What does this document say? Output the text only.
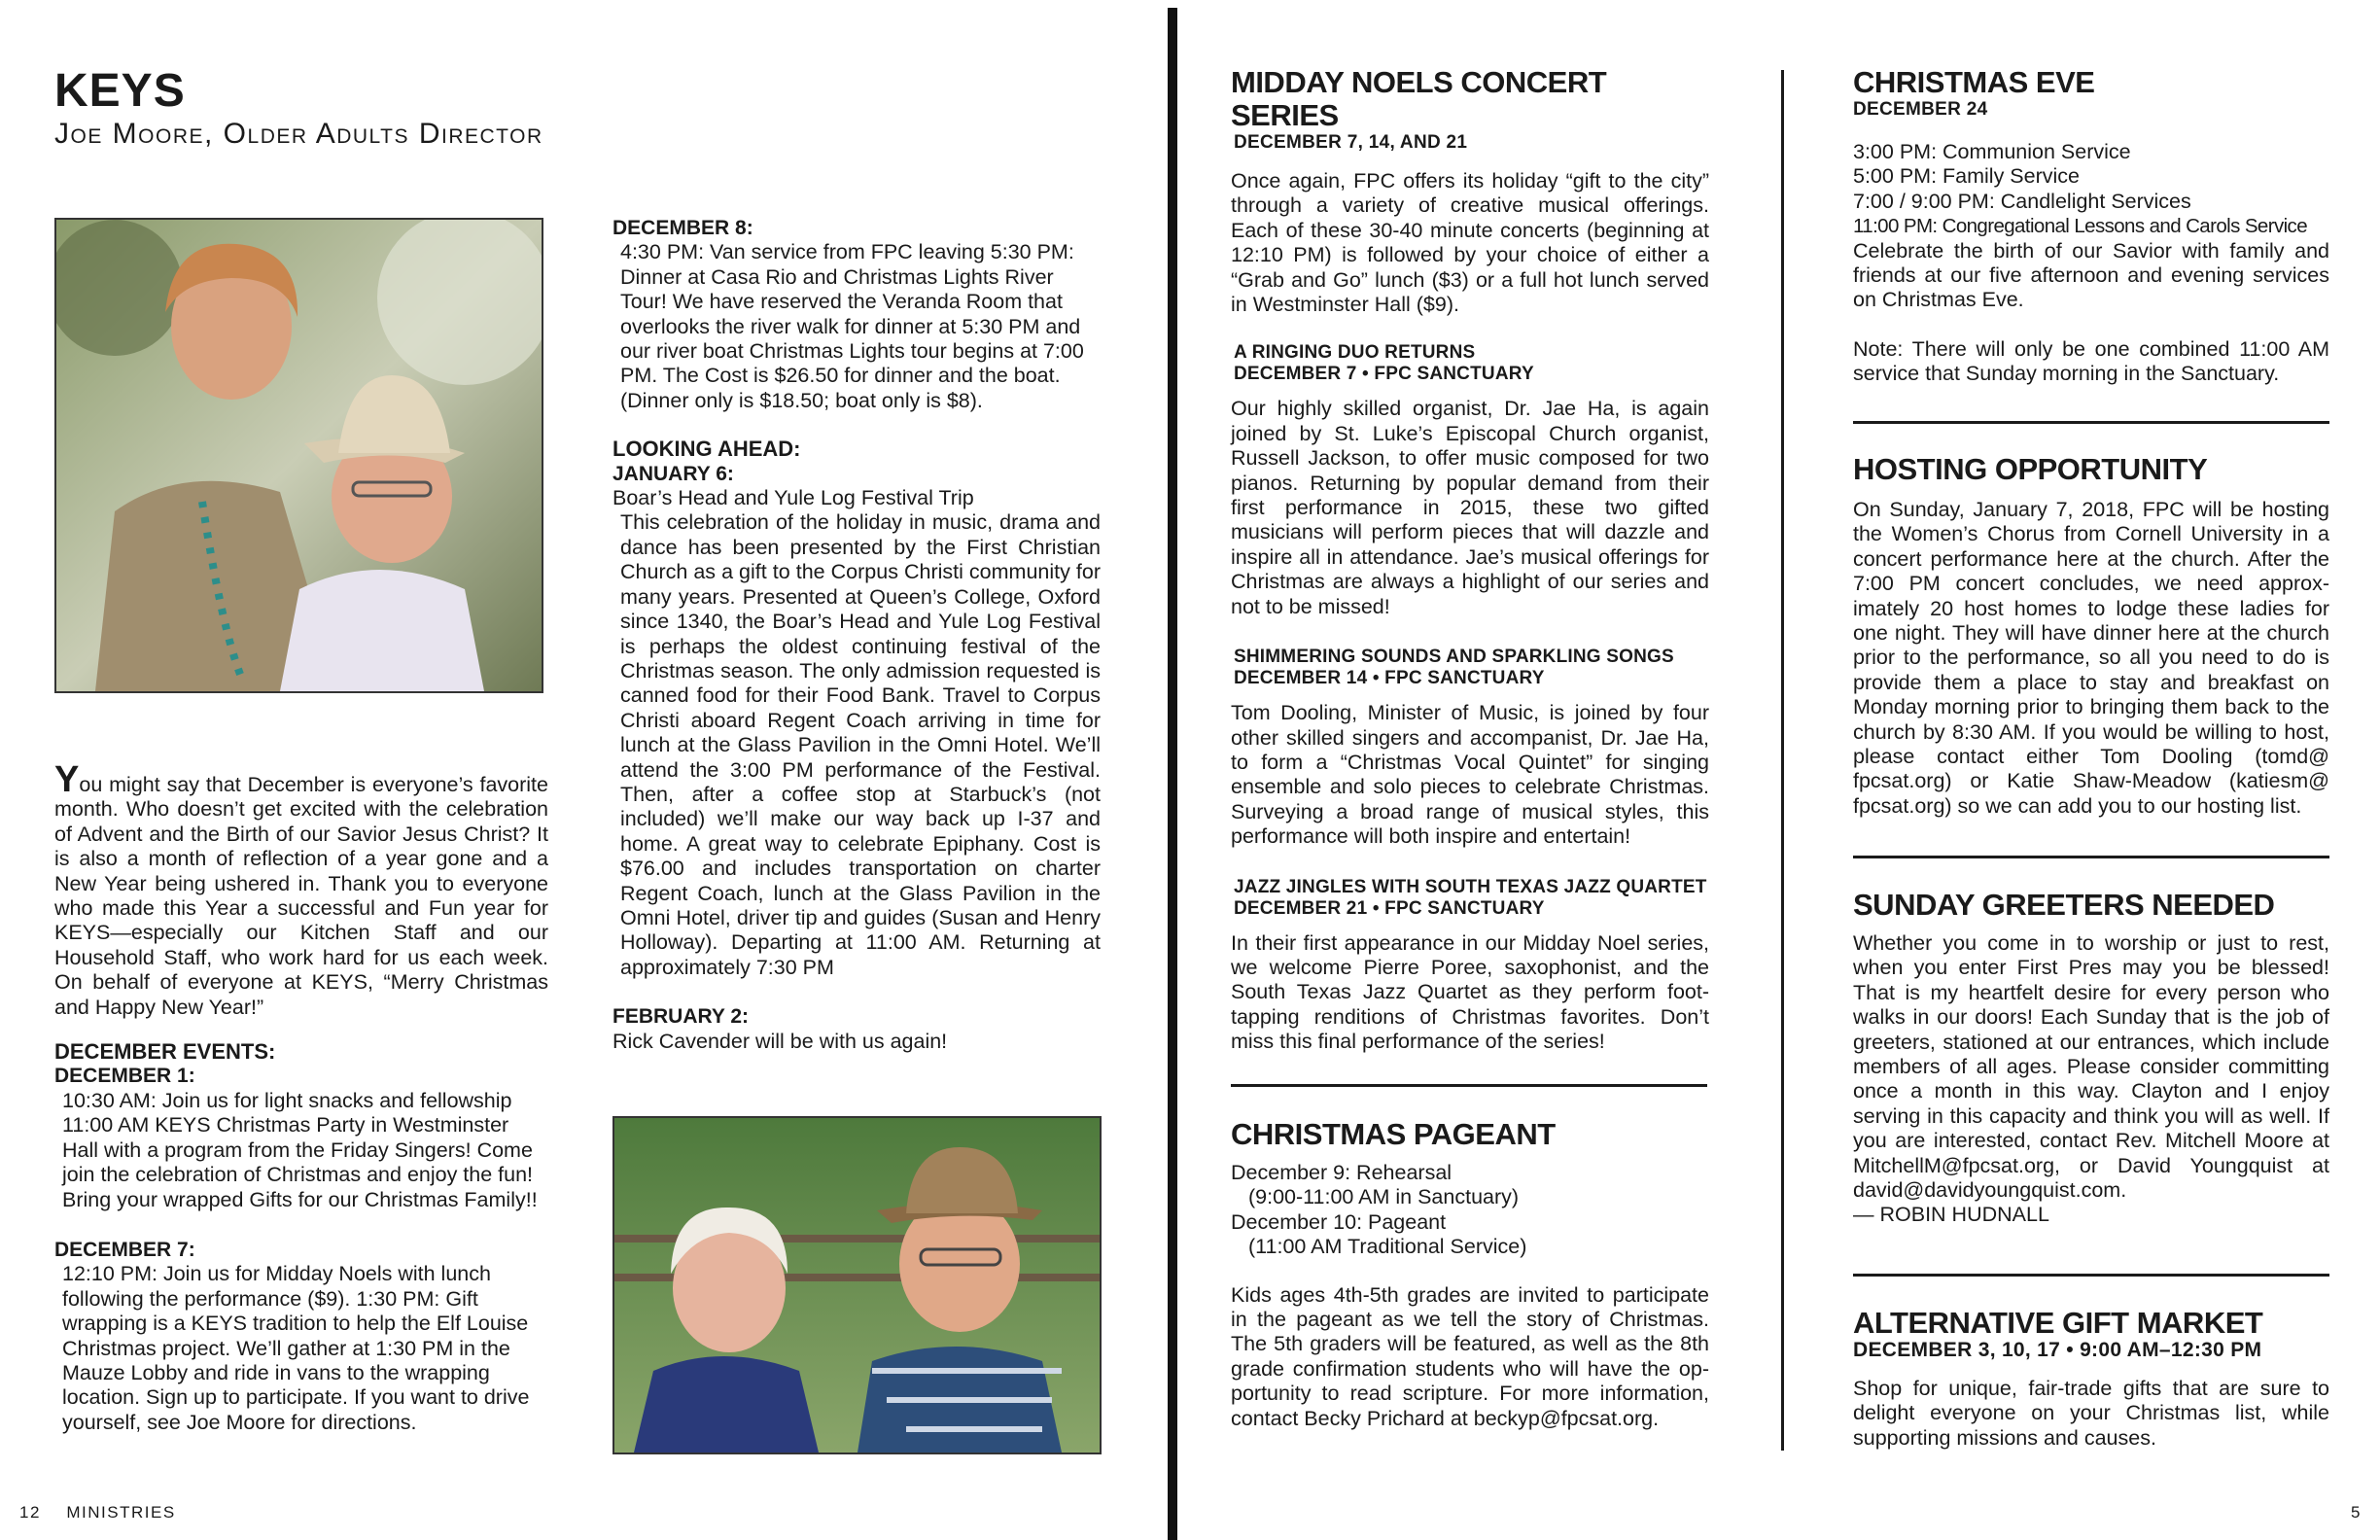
KEYS

Joe Moore, Older Adults Director

You might say that December is everyone’s favorite month. Who doesn’t get excited with the celebration of Advent and the Birth of our Savior Jesus Christ? It is also a month of reflection of a year gone and a New Year being ushered in. Thank you to everyone who made this Year a successful and Fun year for KEYS—especially our Kitchen Staff and our Household Staff, who work hard for us each week. On behalf of everyone at KEYS, “Merry Christmas and Happy New Year!”

DECEMBER EVENTS:

DECEMBER 1:

10:30 AM: Join us for light snacks and fellowship 11:00 AM KEYS Christmas Party in Westminster Hall with a program from the Friday Singers! Come join the celebration of Christmas and enjoy the fun! Bring your wrapped Gifts for our Christmas Family!!

DECEMBER 7:

12:10 PM: Join us for Midday Noels with lunch following the performance ($9). 1:30 PM: Gift wrapping is a KEYS tradition to help the Elf Louise Christmas project. We’ll gather at 1:30 PM in the Mauze Lobby and ride in vans to the wrapping location. Sign up to participate. If you want to drive yourself, see Joe Moore for directions.

DECEMBER 8:

4:30 PM: Van service from FPC leaving 5:30 PM: Dinner at Casa Rio and Christmas Lights River Tour! We have reserved the Veranda Room that overlooks the river walk for dinner at 5:30 PM and our river boat Christmas Lights tour begins at 7:00 PM. The Cost is $26.50 for dinner and the boat. (Dinner only is $18.50; boat only is $8).

LOOKING AHEAD:

JANUARY 6:

Boar’s Head and Yule Log Festival Trip

This celebration of the holiday in music, drama and dance has been presented by the First Christian Church as a gift to the Corpus Christi community for many years. Presented at Queen’s College, Oxford since 1340, the Boar’s Head and Yule Log Festival is perhaps the oldest continuing festival of the Christmas season. The only admission requested is canned food for their Food Bank. Travel to Corpus Christi aboard Regent Coach arriving in time for lunch at the Glass Pavilion in the Omni Hotel. We’ll attend the 3:00 PM performance of the Festival. Then, after a coffee stop at Starbuck’s (not included) we’ll make our way back up I-37 and home. A great way to celebrate Epiphany. Cost is $76.00 and includes transportation on charter Regent Coach, lunch at the Glass Pavilion in the Omni Hotel, driver tip and guides (Susan and Henry Holloway). Departing at 11:00 AM. Returning at approximately 7:30 PM

FEBRUARY 2:

Rick Cavender will be with us again!

12 MINISTRIES
MIDDAY NOELS CONCERT SERIES

DECEMBER 7, 14, AND 21

Once again, FPC offers its holiday “gift to the city” through a variety of creative musical offerings. Each of these 30-40 minute concerts (beginning at 12:10 PM) is followed by your choice of either a “Grab and Go” lunch ($3) or a full hot lunch served in Westminster Hall ($9).

A RINGING DUO RETURNS

DECEMBER 7 • FPC SANCTUARY

Our highly skilled organist, Dr. Jae Ha, is again joined by St. Luke’s Episcopal Church organist, Russell Jackson, to offer music composed for two pianos. Returning by popular demand from their first performance in 2015, these two gifted musicians will perform pieces that will dazzle and inspire all in attendance. Jae’s musical offerings for Christmas are always a highlight of our series and not to be missed!

SHIMMERING SOUNDS AND SPARKLING SONGS

DECEMBER 14 • FPC SANCTUARY

Tom Dooling, Minister of Music, is joined by four other skilled singers and accompanist, Dr. Jae Ha, to form a “Christmas Vocal Quintet” for singing ensemble and solo pieces to celebrate Christmas. Surveying a broad range of musical styles, this performance will both inspire and entertain!

JAZZ JINGLES WITH SOUTH TEXAS JAZZ QUARTET

DECEMBER 21 • FPC SANCTUARY

In their first appearance in our Midday Noel series, we welcome Pierre Poree, saxophonist, and the South Texas Jazz Quartet as they perform foot-tapping renditions of Christmas favorites. Don’t miss this final performance of the series!

CHRISTMAS PAGEANT

December 9: Rehearsal

(9:00-11:00 AM in Sanctuary)

December 10: Pageant

(11:00 AM Traditional Service)

Kids ages 4th-5th grades are invited to participate in the pageant as we tell the story of Christmas. The 5th graders will be featured, as well as the 8th grade confirmation students who will have the opportunity to read scripture. For more information, contact Becky Prichard at beckyp@fpcsat.org.

CHRISTMAS EVE

DECEMBER 24

3:00 PM: Communion Service

5:00 PM: Family Service

7:00 / 9:00 PM: Candlelight Services

11:00 PM: Congregational Lessons and Carols Service

Celebrate the birth of our Savior with family and friends at our five afternoon and evening services on Christmas Eve.

Note: There will only be one combined 11:00 AM service that Sunday morning in the Sanctuary.

HOSTING OPPORTUNITY

On Sunday, January 7, 2018, FPC will be hosting the Women’s Chorus from Cornell University in a concert performance here at the church. After the 7:00 PM concert concludes, we need approximately 20 host homes to lodge these ladies for one night. They will have dinner here at the church prior to the performance, so all you need to do is provide them a place to stay and breakfast on Monday morning prior to bringing them back to the church by 8:30 AM. If you would be willing to host, please contact either Tom Dooling (tomd@ fpcsat.org) or Katie Shaw-Meadow (katiesm@ fpcsat.org) so we can add you to our hosting list.

SUNDAY GREETERS NEEDED

Whether you come in to worship or just to rest, when you enter First Pres may you be blessed! That is my heartfelt desire for every person who walks in our doors! Each Sunday that is the job of greeters, stationed at our entrances, which include members of all ages. Please consider committing once a month in this way. Clayton and I enjoy serving in this capacity and think you will as well. If you are interested, contact Rev. Mitchell Moore at MitchellM@fpcsat.org, or David Youngquist at david@davidyoungquist.com.

— ROBIN HUDNALL

ALTERNATIVE GIFT MARKET

DECEMBER 3, 10, 17 • 9:00 AM–12:30 PM

Shop for unique, fair-trade gifts that are sure to delight everyone on your Christmas list, while supporting missions and causes.

5
